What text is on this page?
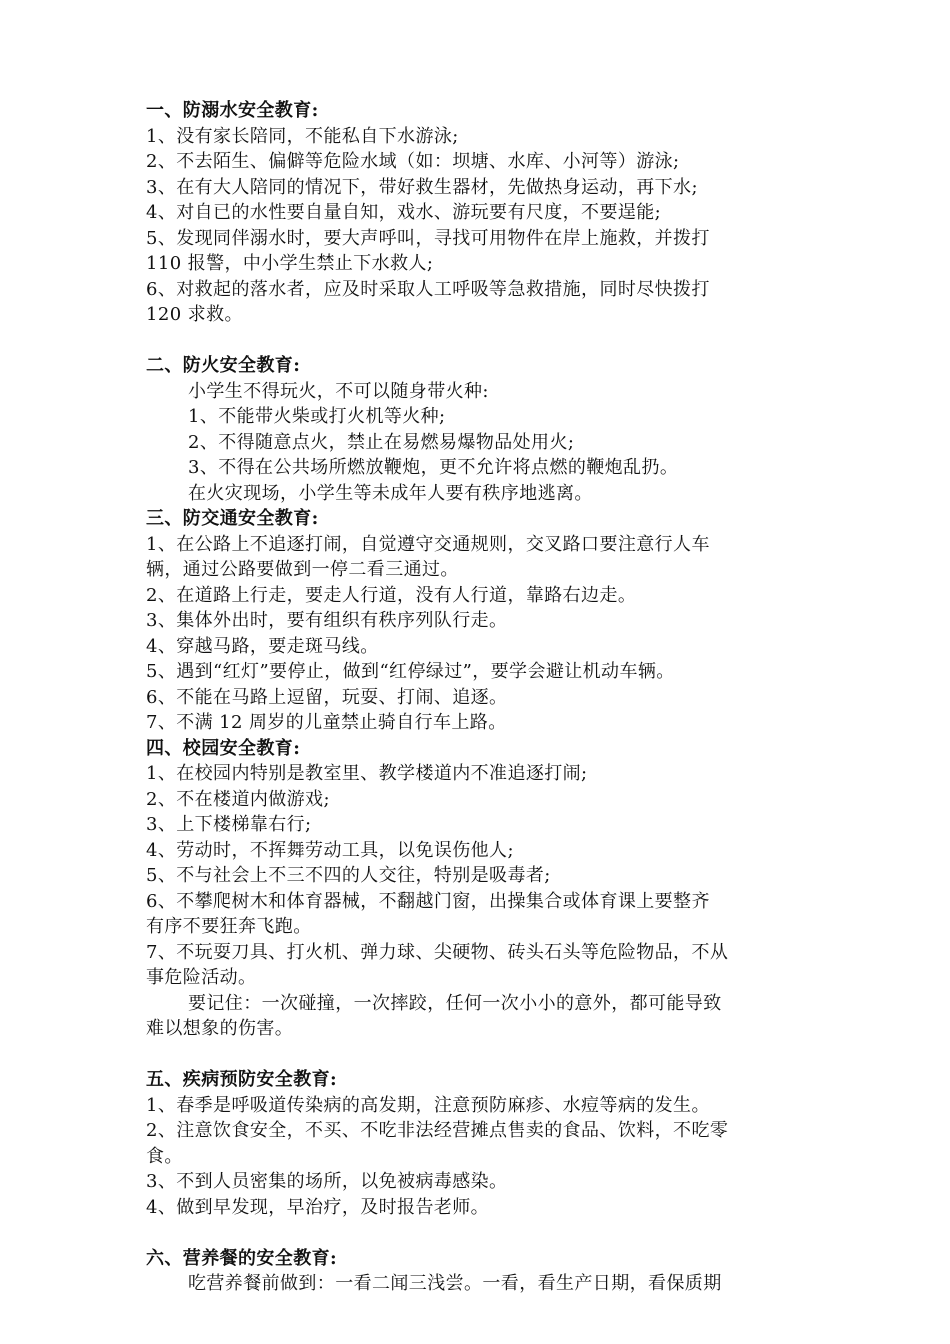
一、防溺水安全教育:
1、没有家长陪同，不能私自下水游泳;
2、不去陌生、偏僻等危险水域（如：坝塘、水库、小河等）游泳;
3、在有大人陪同的情况下，带好救生器材，先做热身运动，再下水;
4、对自已的水性要自量自知，戏水、游玩要有尺度，不要逞能;
5、发现同伴溺水时，要大声呼叫，寻找可用物件在岸上施救，并拨打
110 报警，中小学生禁止下水救人;
6、对救起的落水者，应及时采取人工呼吸等急救措施，同时尽快拨打
120 求救。
二、防火安全教育:
小学生不得玩火，不可以随身带火种:
1、不能带火柴或打火机等火种;
2、不得随意点火，禁止在易燃易爆物品处用火;
3、不得在公共场所燃放鞭炮，更不允许将点燃的鞭炮乱扔。
在火灾现场，小学生等未成年人要有秩序地逃离。
三、防交通安全教育:
1、在公路上不追逐打闹，自觉遵守交通规则，交叉路口要注意行人车
辆，通过公路要做到一停二看三通过。
2、在道路上行走，要走人行道，没有人行道，靠路右边走。
3、集体外出时，要有组织有秩序列队行走。
4、穿越马路，要走斑马线。
5、遇到“红灯”要停止，做到“红停绿过”，要学会避让机动车辆。
6、不能在马路上逗留，玩耍、打闹、追逐。
7、不满 12 周岁的儿童禁止骑自行车上路。
四、校园安全教育:
1、在校园内特别是教室里、教学楼道内不准追逐打闹;
2、不在楼道内做游戏;
3、上下楼梯靠右行;
4、劳动时，不挥舞劳动工具，以免误伤他人;
5、不与社会上不三不四的人交往，特别是吸毒者;
6、不攀爬树木和体育器械，不翻越门窗，出操集合或体育课上要整齐
有序不要狂奔飞跑。
7、不玩耍刀具、打火机、弹力球、尖硬物、砖头石头等危险物品，不从
事危险活动。
要记住：一次碰撞，一次摔跤，任何一次小小的意外，都可能导致
难以想象的伤害。
五、疾病预防安全教育:
1、春季是呼吸道传染病的高发期，注意预防麻疹、水痘等病的发生。
2、注意饮食安全，不买、不吃非法经营摊点售卖的食品、饮料，不吃零
食。
3、不到人员密集的场所，以免被病毒感染。
4、做到早发现，早治疗，及时报告老师。
六、营养餐的安全教育:
吃营养餐前做到：一看二闻三浅尝。一看，看生产日期，看保质期
